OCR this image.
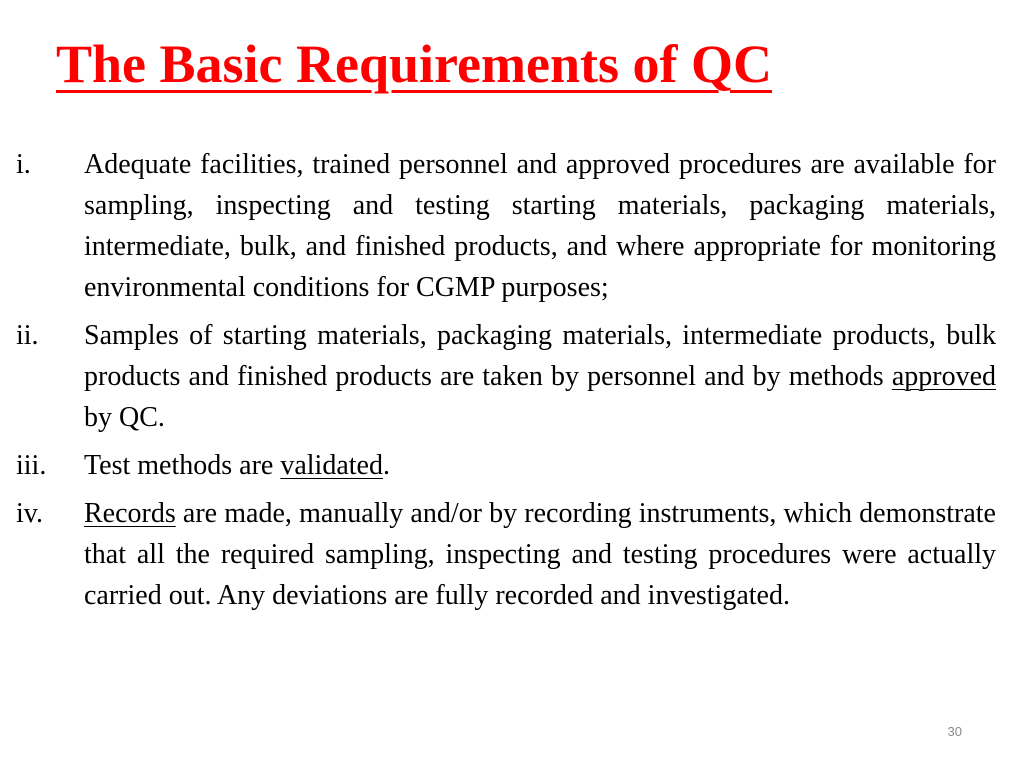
The Basic Requirements of QC
i.	Adequate facilities, trained personnel and approved procedures are available for sampling, inspecting and testing starting materials, packaging materials, intermediate, bulk, and finished products, and where appropriate for monitoring environmental conditions for CGMP purposes;
ii.	Samples of starting materials, packaging materials, intermediate products, bulk products and finished products are taken by personnel and by methods approved by QC.
iii.	Test methods are validated.
iv.	Records are made, manually and/or by recording instruments, which demonstrate that all the required sampling, inspecting and testing procedures were actually carried out. Any deviations are fully recorded and investigated.
30
